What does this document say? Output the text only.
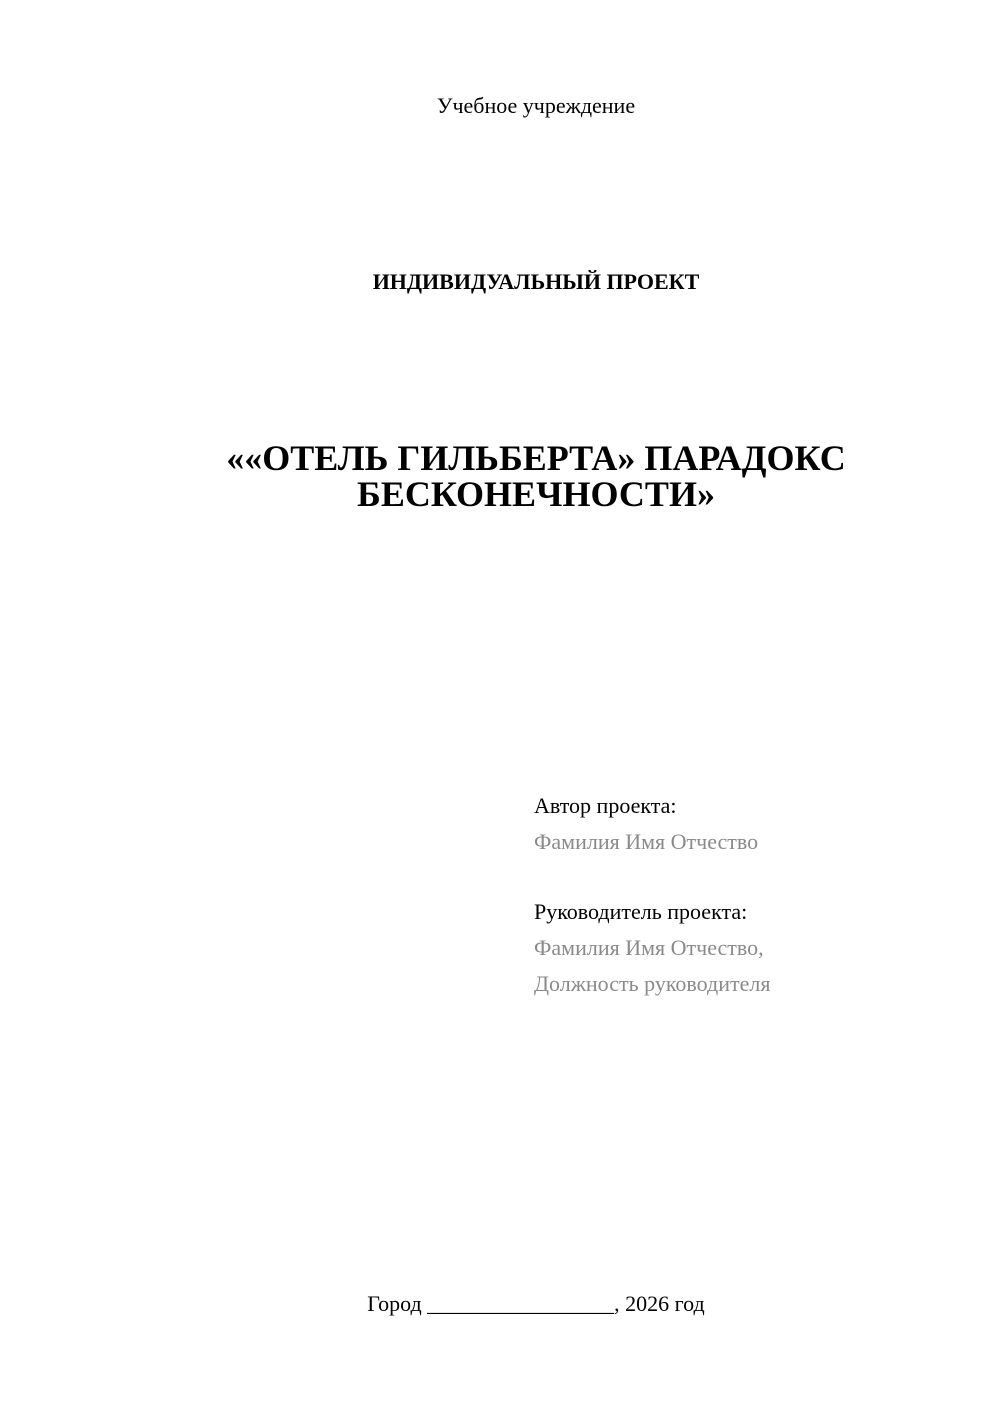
Учебное учреждение
ИНДИВИДУАЛЬНЫЙ ПРОЕКТ
««ОТЕЛЬ ГИЛЬБЕРТА» ПАРАДОКС
БЕСКОНЕЧНОСТИ»
Автор проекта:
Фамилия Имя Отчество
Руководитель проекта:
Фамилия Имя Отчество,
Должность руководителя
Город _________________, 2026 год
